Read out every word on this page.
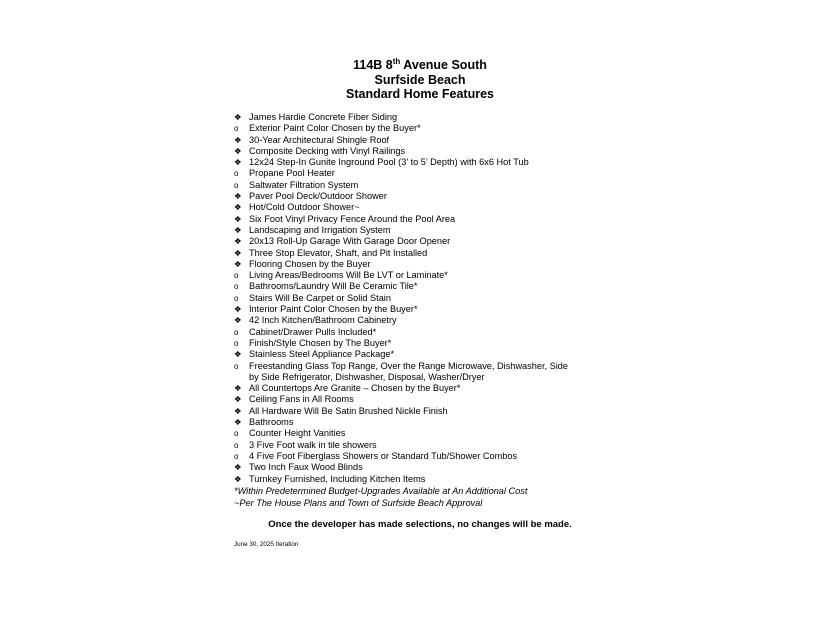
114B 8th Avenue South
Surfside Beach
Standard Home Features
❖ James Hardie Concrete Fiber Siding
o	Exterior Paint Color Chosen by the Buyer*
❖ 30-Year Architectural Shingle Roof
❖ Composite Decking with Vinyl Railings
❖ 12x24 Step-In Gunite Inground Pool (3’ to 5’ Depth) with 6x6 Hot Tub
o	Propane Pool Heater
o	Saltwater Filtration System
❖ Paver Pool Deck/Outdoor Shower
❖ Hot/Cold Outdoor Shower~
❖ Six Foot Vinyl Privacy Fence Around the Pool Area
❖ Landscaping and Irrigation System
❖ 20x13 Roll-Up Garage With Garage Door Opener
❖ Three Stop Elevator, Shaft, and Pit Installed
❖ Flooring Chosen by the Buyer
o	Living Areas/Bedrooms Will Be LVT or Laminate*
o	Bathrooms/Laundry Will Be Ceramic Tile*
o	Stairs Will Be Carpet or Solid Stain
❖ Interior Paint Color Chosen by the Buyer*
❖ 42 Inch Kitchen/Bathroom Cabinetry
o	Cabinet/Drawer Pulls Included*
o	Finish/Style Chosen by The Buyer*
❖ Stainless Steel Appliance Package*
o	Freestanding Glass Top Range, Over the Range Microwave, Dishwasher, Side by Side Refrigerator, Dishwasher, Disposal, Washer/Dryer
❖ All Countertops Are Granite – Chosen by the Buyer*
❖ Ceiling Fans in All Rooms
❖ All Hardware Will Be Satin Brushed Nickle Finish
❖ Bathrooms
o	Counter Height Vanities
o	3 Five Foot walk in tile showers
o	4 Five Foot Fiberglass Showers or Standard Tub/Shower Combos
❖ Two Inch Faux Wood Blinds
❖ Turnkey Furnished, Including Kitchen Items
*Within Predetermined Budget-Upgrades Available at An Additional Cost
~Per The House Plans and Town of Surfside Beach Approval
Once the developer has made selections, no changes will be made.
June 30, 2025 Iteration
